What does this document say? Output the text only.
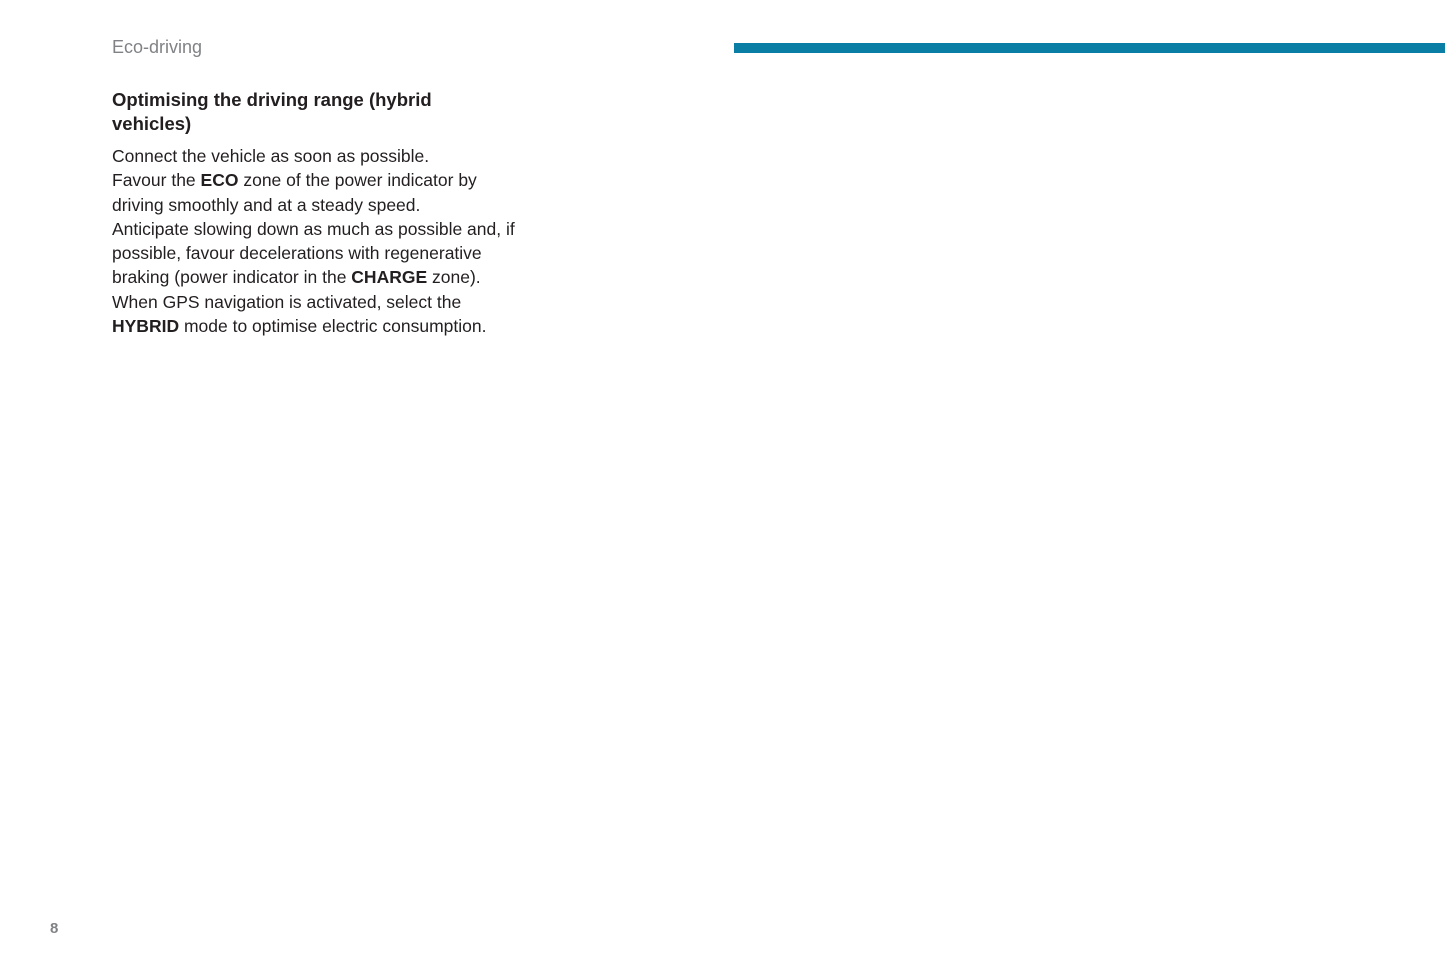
Eco-driving
Optimising the driving range (hybrid vehicles)

Connect the vehicle as soon as possible.

Favour the ECO zone of the power indicator by driving smoothly and at a steady speed.

Anticipate slowing down as much as possible and, if possible, favour decelerations with regenerative braking (power indicator in the CHARGE zone).

When GPS navigation is activated, select the HYBRID mode to optimise electric consumption.

8
